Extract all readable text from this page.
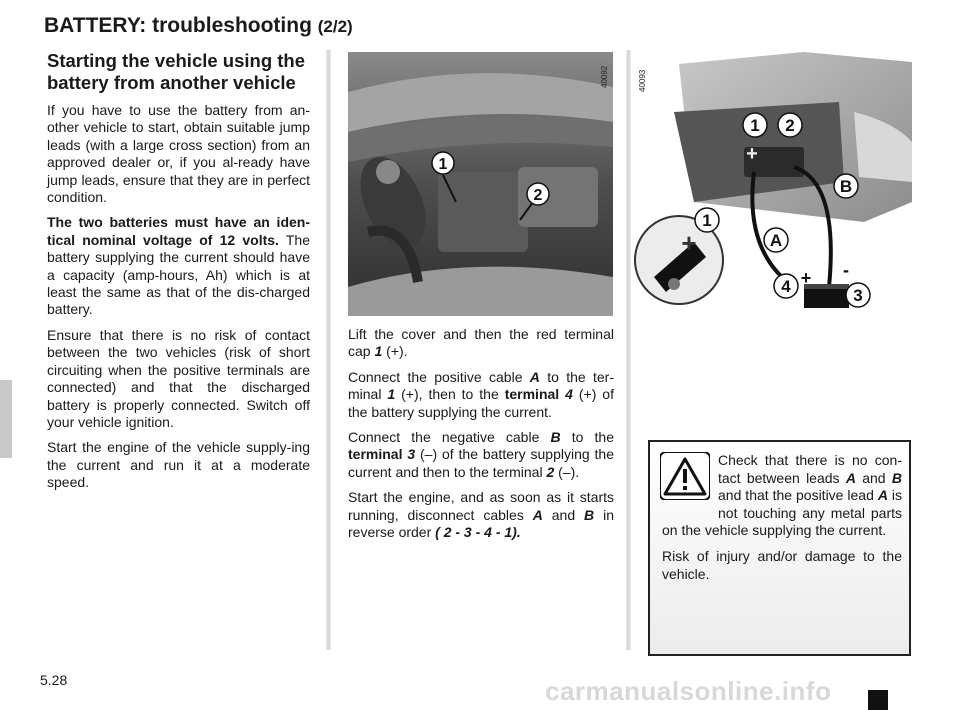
BATTERY: troubleshooting (2/2)
Starting the vehicle using the battery from another vehicle

If you have to use the battery from an-other vehicle to start, obtain suitable jump leads (with a large cross section) from an approved dealer or, if you al-ready have jump leads, ensure that they are in perfect condition.

The two batteries must have an iden-tical nominal voltage of 12 volts. The battery supplying the current should have a capacity (amp-hours, Ah) which is at least the same as that of the dis-charged battery.

Ensure that there is no risk of contact between the two vehicles (risk of short circuiting when the positive terminals are connected) and that the discharged battery is properly connected. Switch off your vehicle ignition.

Start the engine of the vehicle supply-ing the current and run it at a moderate speed.

1
2
40092
+
+
+ -
1 2
B
A
1
4	3
40093

Lift the cover and then the red terminal cap 1 (+).

Connect the positive cable A to the ter-minal 1 (+), then to the terminal 4 (+) of the battery supplying the current.

Connect the negative cable B to the terminal 3 (–) of the battery supplying the current and then to the terminal 2 (–).

Start the engine, and as soon as it starts running, disconnect cables A and B in reverse order ( 2 - 3 - 4 - 1).

Check that there is no con-tact between leads A and B and that the positive lead A is not touching any metal parts on the vehicle supplying the current.

Risk of injury and/or damage to the vehicle.

5.28	carmanualsonline.info
